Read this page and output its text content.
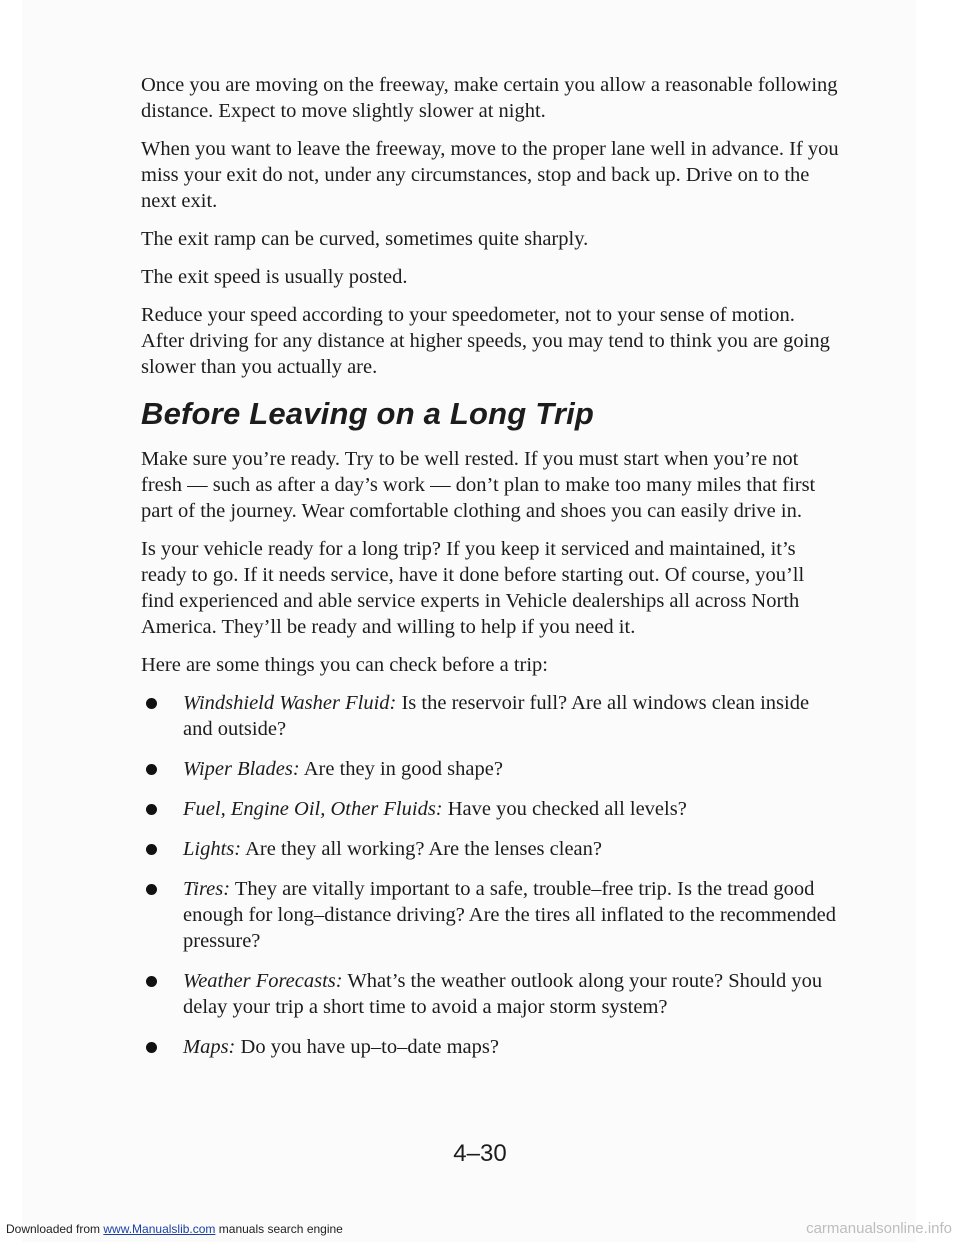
Once you are moving on the freeway, make certain you allow a reasonable following distance. Expect to move slightly slower at night.

When you want to leave the freeway, move to the proper lane well in advance. If you miss your exit do not, under any circumstances, stop and back up. Drive on to the next exit.

The exit ramp can be curved, sometimes quite sharply.

The exit speed is usually posted.

Reduce your speed according to your speedometer, not to your sense of motion. After driving for any distance at higher speeds, you may tend to think you are going slower than you actually are.

Before Leaving on a Long Trip

Make sure you’re ready. Try to be well rested. If you must start when you’re not fresh — such as after a day’s work — don’t plan to make too many miles that first part of the journey. Wear comfortable clothing and shoes you can easily drive in.

Is your vehicle ready for a long trip? If you keep it serviced and maintained, it’s ready to go. If it needs service, have it done before starting out. Of course, you’ll find experienced and able service experts in Vehicle dealerships all across North America. They’ll be ready and willing to help if you need it.

Here are some things you can check before a trip:

Windshield Washer Fluid: Is the reservoir full? Are all windows clean inside and outside?
Wiper Blades: Are they in good shape?
Fuel, Engine Oil, Other Fluids: Have you checked all levels?
Lights: Are they all working? Are the lenses clean?
Tires: They are vitally important to a safe, trouble–free trip. Is the tread good enough for long–distance driving? Are the tires all inflated to the recommended pressure?
Weather Forecasts: What’s the weather outlook along your route? Should you delay your trip a short time to avoid a major storm system?
Maps: Do you have up–to–date maps?
4–30
Downloaded from www.Manualslib.com manuals search engine	carmanualsonline.info
